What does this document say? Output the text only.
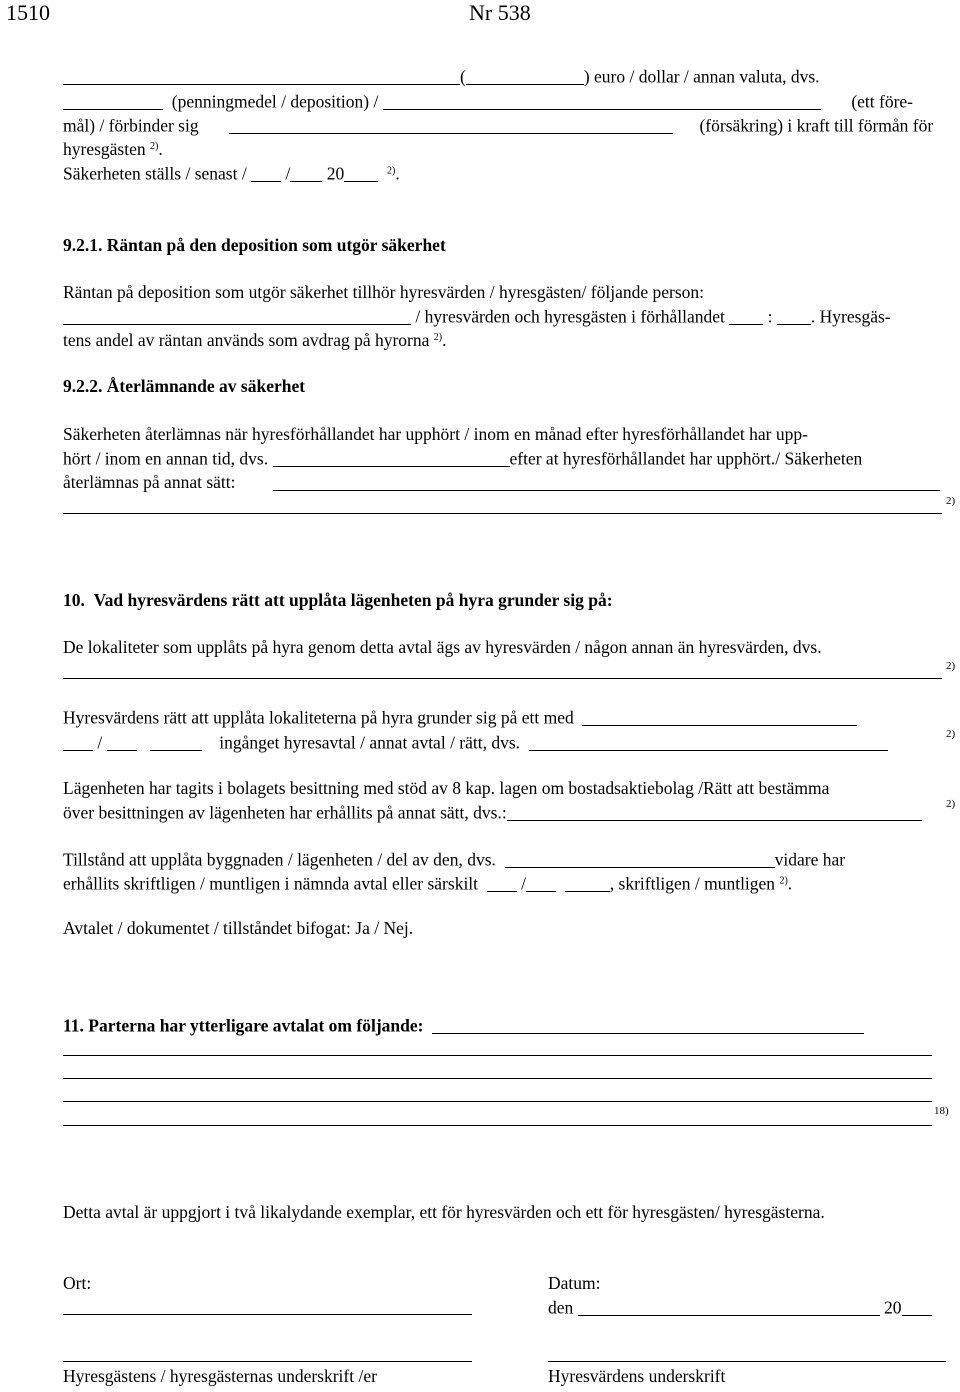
1510	Nr 538
(	) euro / dollar / annan valuta, dvs.
(penningmedel / deposition) /	(ett före-
mål) / förbinder sig	(försäkring) i kraft till förmån för
hyresgästen $^{2)}$.
Säkerheten ställs / senast / / 20	$^{2)}$.
9.2.1. Räntan på den deposition som utgör säkerhet
Räntan på deposition som utgör säkerhet tillhör hyresvärden / hyresgästen/ följande person:
/ hyresvärden och hyresgästen i förhållandet : . Hyresgäs-
tens andel av räntan används som avdrag på hyrorna $^{2)}$.
9.2.2. Återlämnande av säkerhet
Säkerheten återlämnas när hyresförhållandet har upphört / inom en månad efter hyresförhållandet har upp-
hört / inom en annan tid, dvs.	efter at hyresförhållandet har upphört./ Säkerheten
återlämnas på annat sätt:
2)
10. Vad hyresvärdens rätt att upplåta lägenheten på hyra grunder sig på:
De lokaliteter som upplåts på hyra genom detta avtal ägs av hyresvärden / någon annan än hyresvärden, dvs.
2)
Hyresvärdens rätt att upplåta lokaliteterna på hyra grunder sig på ett med
/	ingånget hyresavtal / annat avtal / rätt, dvs.	2)
Lägenheten har tagits i bolagets besittning med stöd av 8 kap. lagen om bostadsaktiebolag /Rätt att bestämma
över besittningen av lägenheten har erhållits på annat sätt, dvs.:	2)
Tillstånd att upplåta byggnaden / lägenheten / del av den, dvs.	vidare har
erhållits skriftligen / muntligen i nämnda avtal eller särskilt /	, skriftligen / muntligen $^{2)}$.
Avtalet / dokumentet / tillståndet bifogat: Ja / Nej.
11. Parterna har ytterligare avtalat om följande:
18)
Detta avtal är uppgjort i två likalydande exemplar, ett för hyresvärden och ett för hyresgästen/ hyresgästerna.
Ort:	Datum:
den	20
Hyresgästens / hyresgästernas underskrift /er	Hyresvärdens underskrift
